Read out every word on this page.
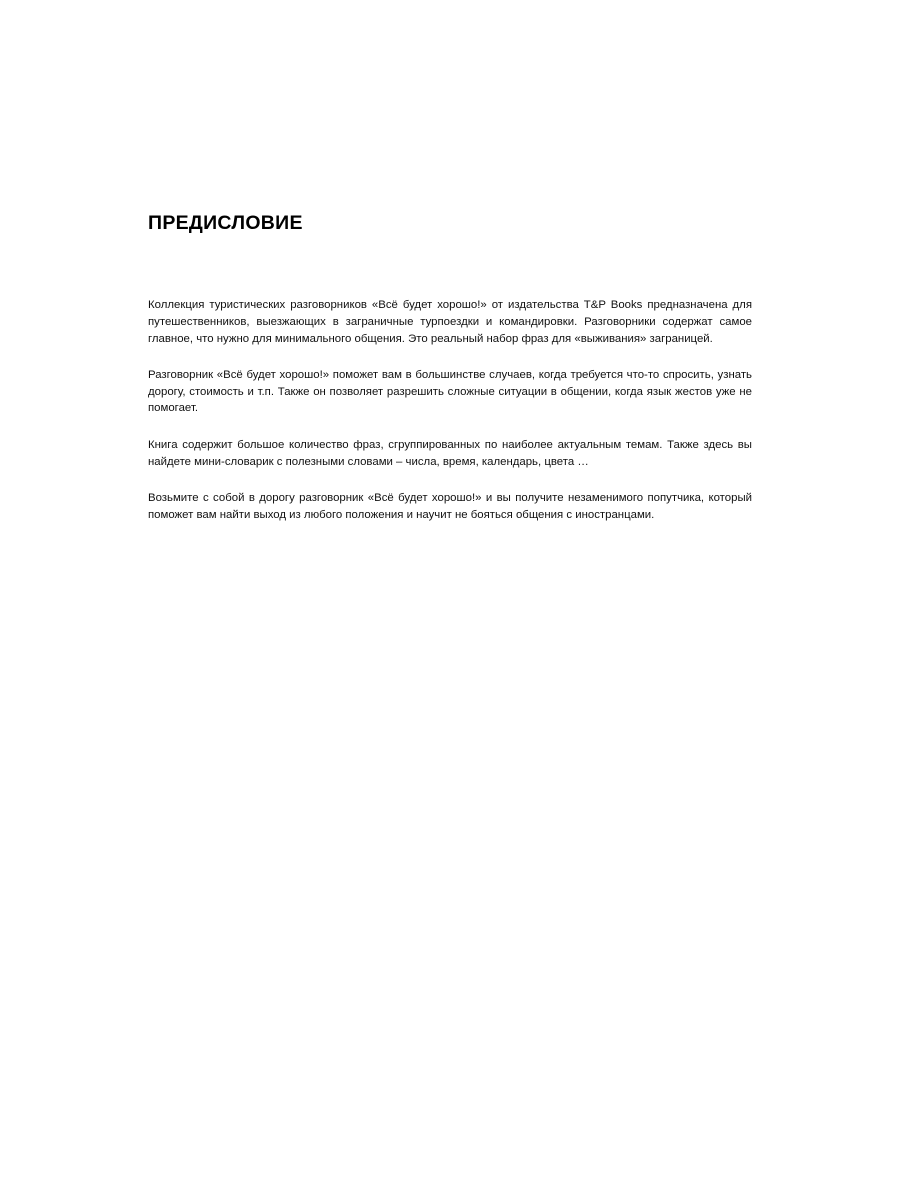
ПРЕДИСЛОВИЕ

Коллекция туристических разговорников «Всё будет хорошо!» от издательства T&P Books предназначена для путешественников, выезжающих в заграничные турпоездки и командировки. Разговорники содержат самое главное, что нужно для минимального общения. Это реальный набор фраз для «выживания» заграницей.

Разговорник «Всё будет хорошо!» поможет вам в большинстве случаев, когда требуется что-то спросить, узнать дорогу, стоимость и т.п. Также он позволяет разрешить сложные ситуации в общении, когда язык жестов уже не помогает.

Книга содержит большое количество фраз, сгруппированных по наиболее актуальным темам. Также здесь вы найдете мини-словарик с полезными словами – числа, время, календарь, цвета …

Возьмите с собой в дорогу разговорник «Всё будет хорошо!» и вы получите незаменимого попутчика, который поможет вам найти выход из любого положения и научит не бояться общения с иностранцами.
